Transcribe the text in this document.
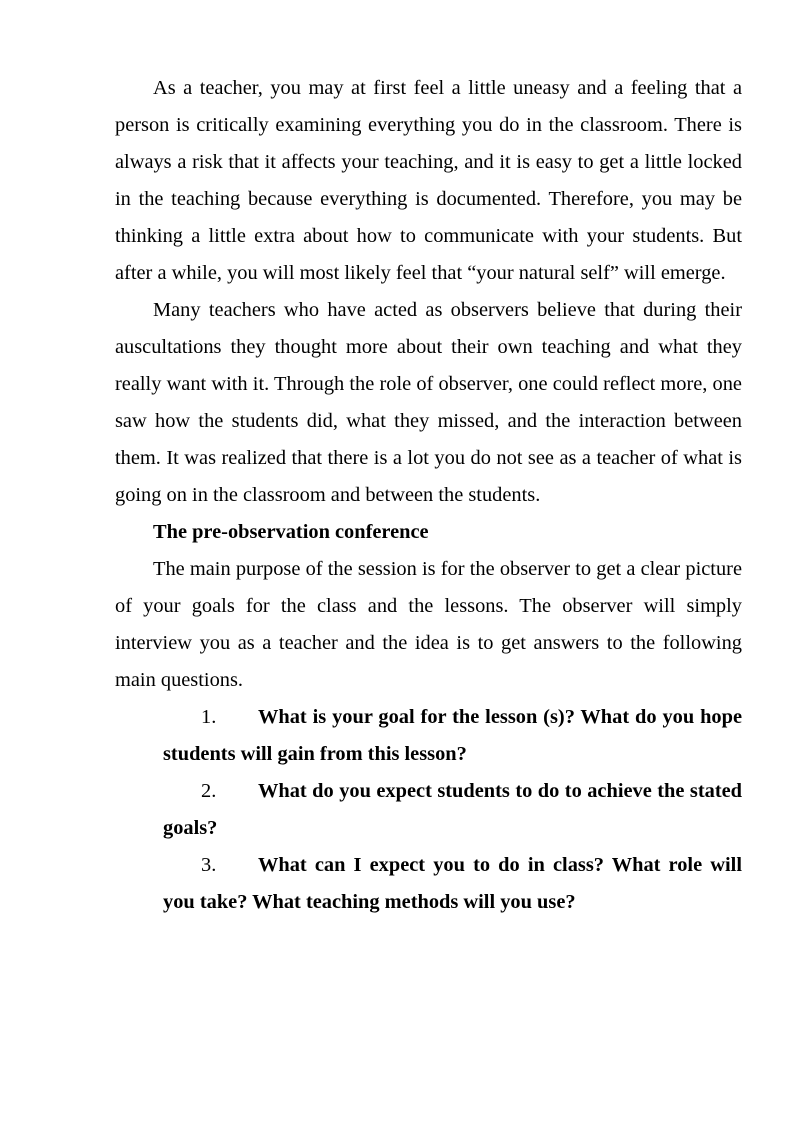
As a teacher, you may at first feel a little uneasy and a feeling that a person is critically examining everything you do in the classroom. There is always a risk that it affects your teaching, and it is easy to get a little locked in the teaching because everything is documented. Therefore, you may be thinking a little extra about how to communicate with your students. But after a while, you will most likely feel that “your natural self” will emerge.

Many teachers who have acted as observers believe that during their auscultations they thought more about their own teaching and what they really want with it. Through the role of observer, one could reflect more, one saw how the students did, what they missed, and the interaction between them. It was realized that there is a lot you do not see as a teacher of what is going on in the classroom and between the students.

The pre-observation conference

The main purpose of the session is for the observer to get a clear picture of your goals for the class and the lessons. The observer will simply interview you as a teacher and the idea is to get answers to the following main questions.

1. What is your goal for the lesson (s)? What do you hope students will gain from this lesson?
2. What do you expect students to do to achieve the stated goals?
3. What can I expect you to do in class? What role will you take? What teaching methods will you use?
